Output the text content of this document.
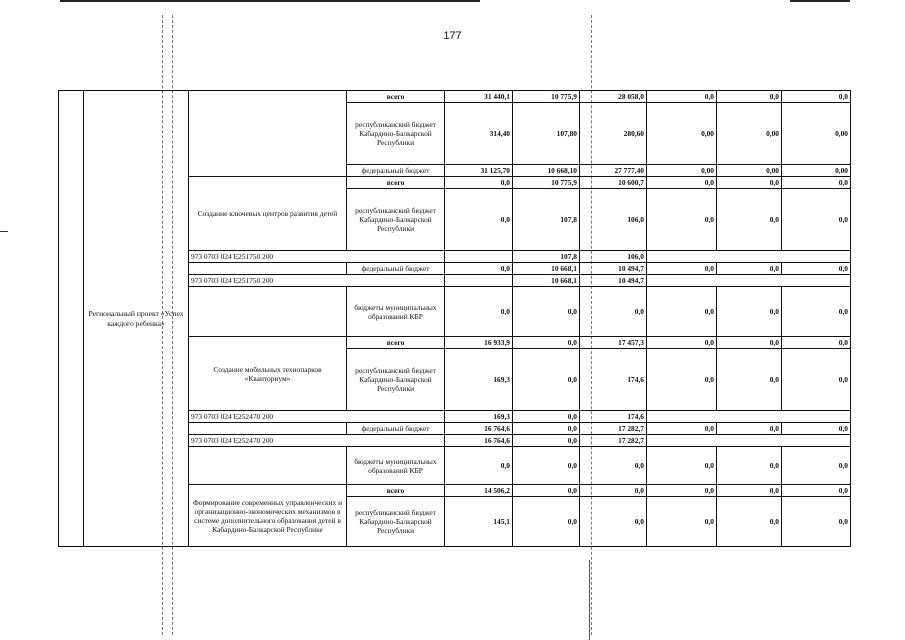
177
	Региональный проект «Успех каждого ребенка»		всего	31 440,1	10 775,9	28 058,0	0,0	0,0	0,0
			республиканский бюджет Кабардино-Балкарской Республики	314,40	107,80	280,60	0,00	0,00	0,00
			федеральный бюджет	31 125,70	10 668,10	27 777,40	0,00	0,00	0,00
		Создание ключевых центров развития детей	всего	0,0	10 775,9	10 600,7	0,0	0,0	0,0
			республиканский бюджет Кабардино-Балкарской Республики	0,0	107,8	106,0	0,0	0,0	0,0
		973 0703 024 Е251750 200			107,8	106,0			
			федеральный бюджет	0,0	10 668,1	10 494,7	0,0	0,0	0,0
		973 0703 024 Е251750 200			10 668,1	10 494,7			
			бюджеты муниципальных образований КБР	0,0	0,0	0,0	0,0	0,0	0,0
		Создание мобильных технопарков «Кванториум»	всего	16 933,9	0,0	17 457,3	0,0	0,0	0,0
			республиканский бюджет Кабардино-Балкарской Республики	169,3	0,0	174,6	0,0	0,0	0,0
		973 0703 024 Е252470 200		169,3	0,0	174,6			
			федеральный бюджет	16 764,6	0,0	17 282,7	0,0	0,0	0,0
		973 0703 024 Е252470 200		16 764,6	0,0	17 282,7			
			бюджеты муниципальных образований КБР	0,0	0,0	0,0	0,0	0,0	0,0
		Формирование современных управленческих и организационно-экономических механизмов в системе дополнительного образования детей в Кабардино-Балкарской Республике	всего	14 506,2	0,0	0,0	0,0	0,0	0,0
			республиканский бюджет Кабардино-Балкарской Республики	145,1	0,0	0,0	0,0	0,0	0,0
